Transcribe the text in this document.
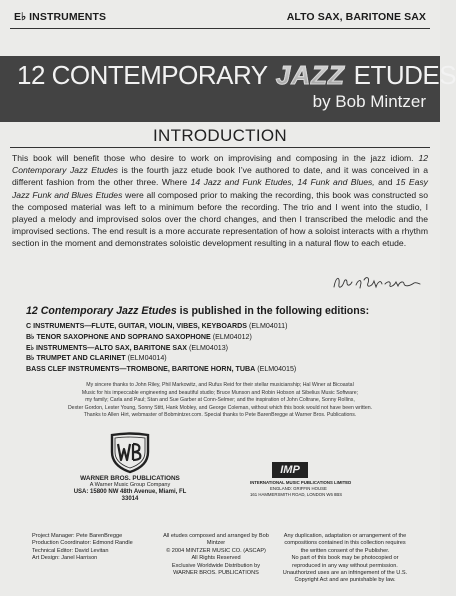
E♭ INSTRUMENTS	ALTO SAX, BARITONE SAX
12 CONTEMPORARY JAZZ ETUDES
by Bob Mintzer
INTRODUCTION
This book will benefit those who desire to work on improvising and composing in the jazz idiom. 12 Contemporary Jazz Etudes is the fourth jazz etude book I’ve authored to date, and it was conceived in a different fashion from the other three. Where 14 Jazz and Funk Etudes, 14 Funk and Blues, and 15 Easy Jazz Funk and Blues Etudes were all composed prior to making the recording, this book was constructed so the composed material was left to a minimum before the recording. The trio and I went into the studio, I played a melody and improvised solos over the chord changes, and then I transcribed the melodic and the improvised sections. The end result is a more accurate representation of how a soloist interacts with a rhythm section in the moment and demonstrates soloistic development resulting in a natural flow to each etude.
12 Contemporary Jazz Etudes is published in the following editions:
C INSTRUMENTS—FLUTE, GUITAR, VIOLIN, VIBES, KEYBOARDS (ELM04011)
B♭ TENOR SAXOPHONE AND SOPRANO SAXOPHONE (ELM04012)
E♭ INSTRUMENTS—ALTO SAX, BARITONE SAX (ELM04013)
B♭ TRUMPET AND CLARINET (ELM04014)
BASS CLEF INSTRUMENTS—TROMBONE, BARITONE HORN, TUBA (ELM04015)
My sincere thanks to John Riley, Phil Markowitz, and Rufus Reid for their stellar musicianship; Hal Winer at Bicoastal
Music for his impeccable engineering and beautiful studio; Bruce Munson and Robin Hobson at Sibelius Music Software;
my family; Carla and Paul; Stan and Sue Garber at Conn-Selmer; and the inspiration of John Coltrane, Sonny Rollins,
Dexter Gordon, Lester Young, Sonny Stitt, Hank Mobley, and George Coleman, without which this book would not have been written.
Thanks to Allen Hirt, webmaster of Bobmintzer.com. Special thanks to Pete BarenBregge at Warner Bros. Publications.
WARNER BROS. PUBLICATIONS
A Warner Music Group Company
USA: 15800 NW 48th Avenue, Miami, FL 33014
IMP
INTERNATIONAL MUSIC PUBLICATIONS LIMITED
ENGLAND: GRIFFIN HOUSE
161 HAMMERSMITH ROAD, LONDON W6 8BS
Project Manager: Pete BarenBregge
Production Coordinator: Edmond Randle
Technical Editor: David Levitan
Art Design: Janel Harrison
All etudes composed and arranged by Bob Mintzer
© 2004 MINTZER MUSIC CO. (ASCAP)
All Rights Reserved
Exclusive Worldwide Distribution by
WARNER BROS. PUBLICATIONS
Any duplication, adaptation or arrangement of the
compositions contained in this collection requires
the written consent of the Publisher.
No part of this book may be photocopied or
reproduced in any way without permission.
Unauthorized uses are an infringement of the U.S.
Copyright Act and are punishable by law.
